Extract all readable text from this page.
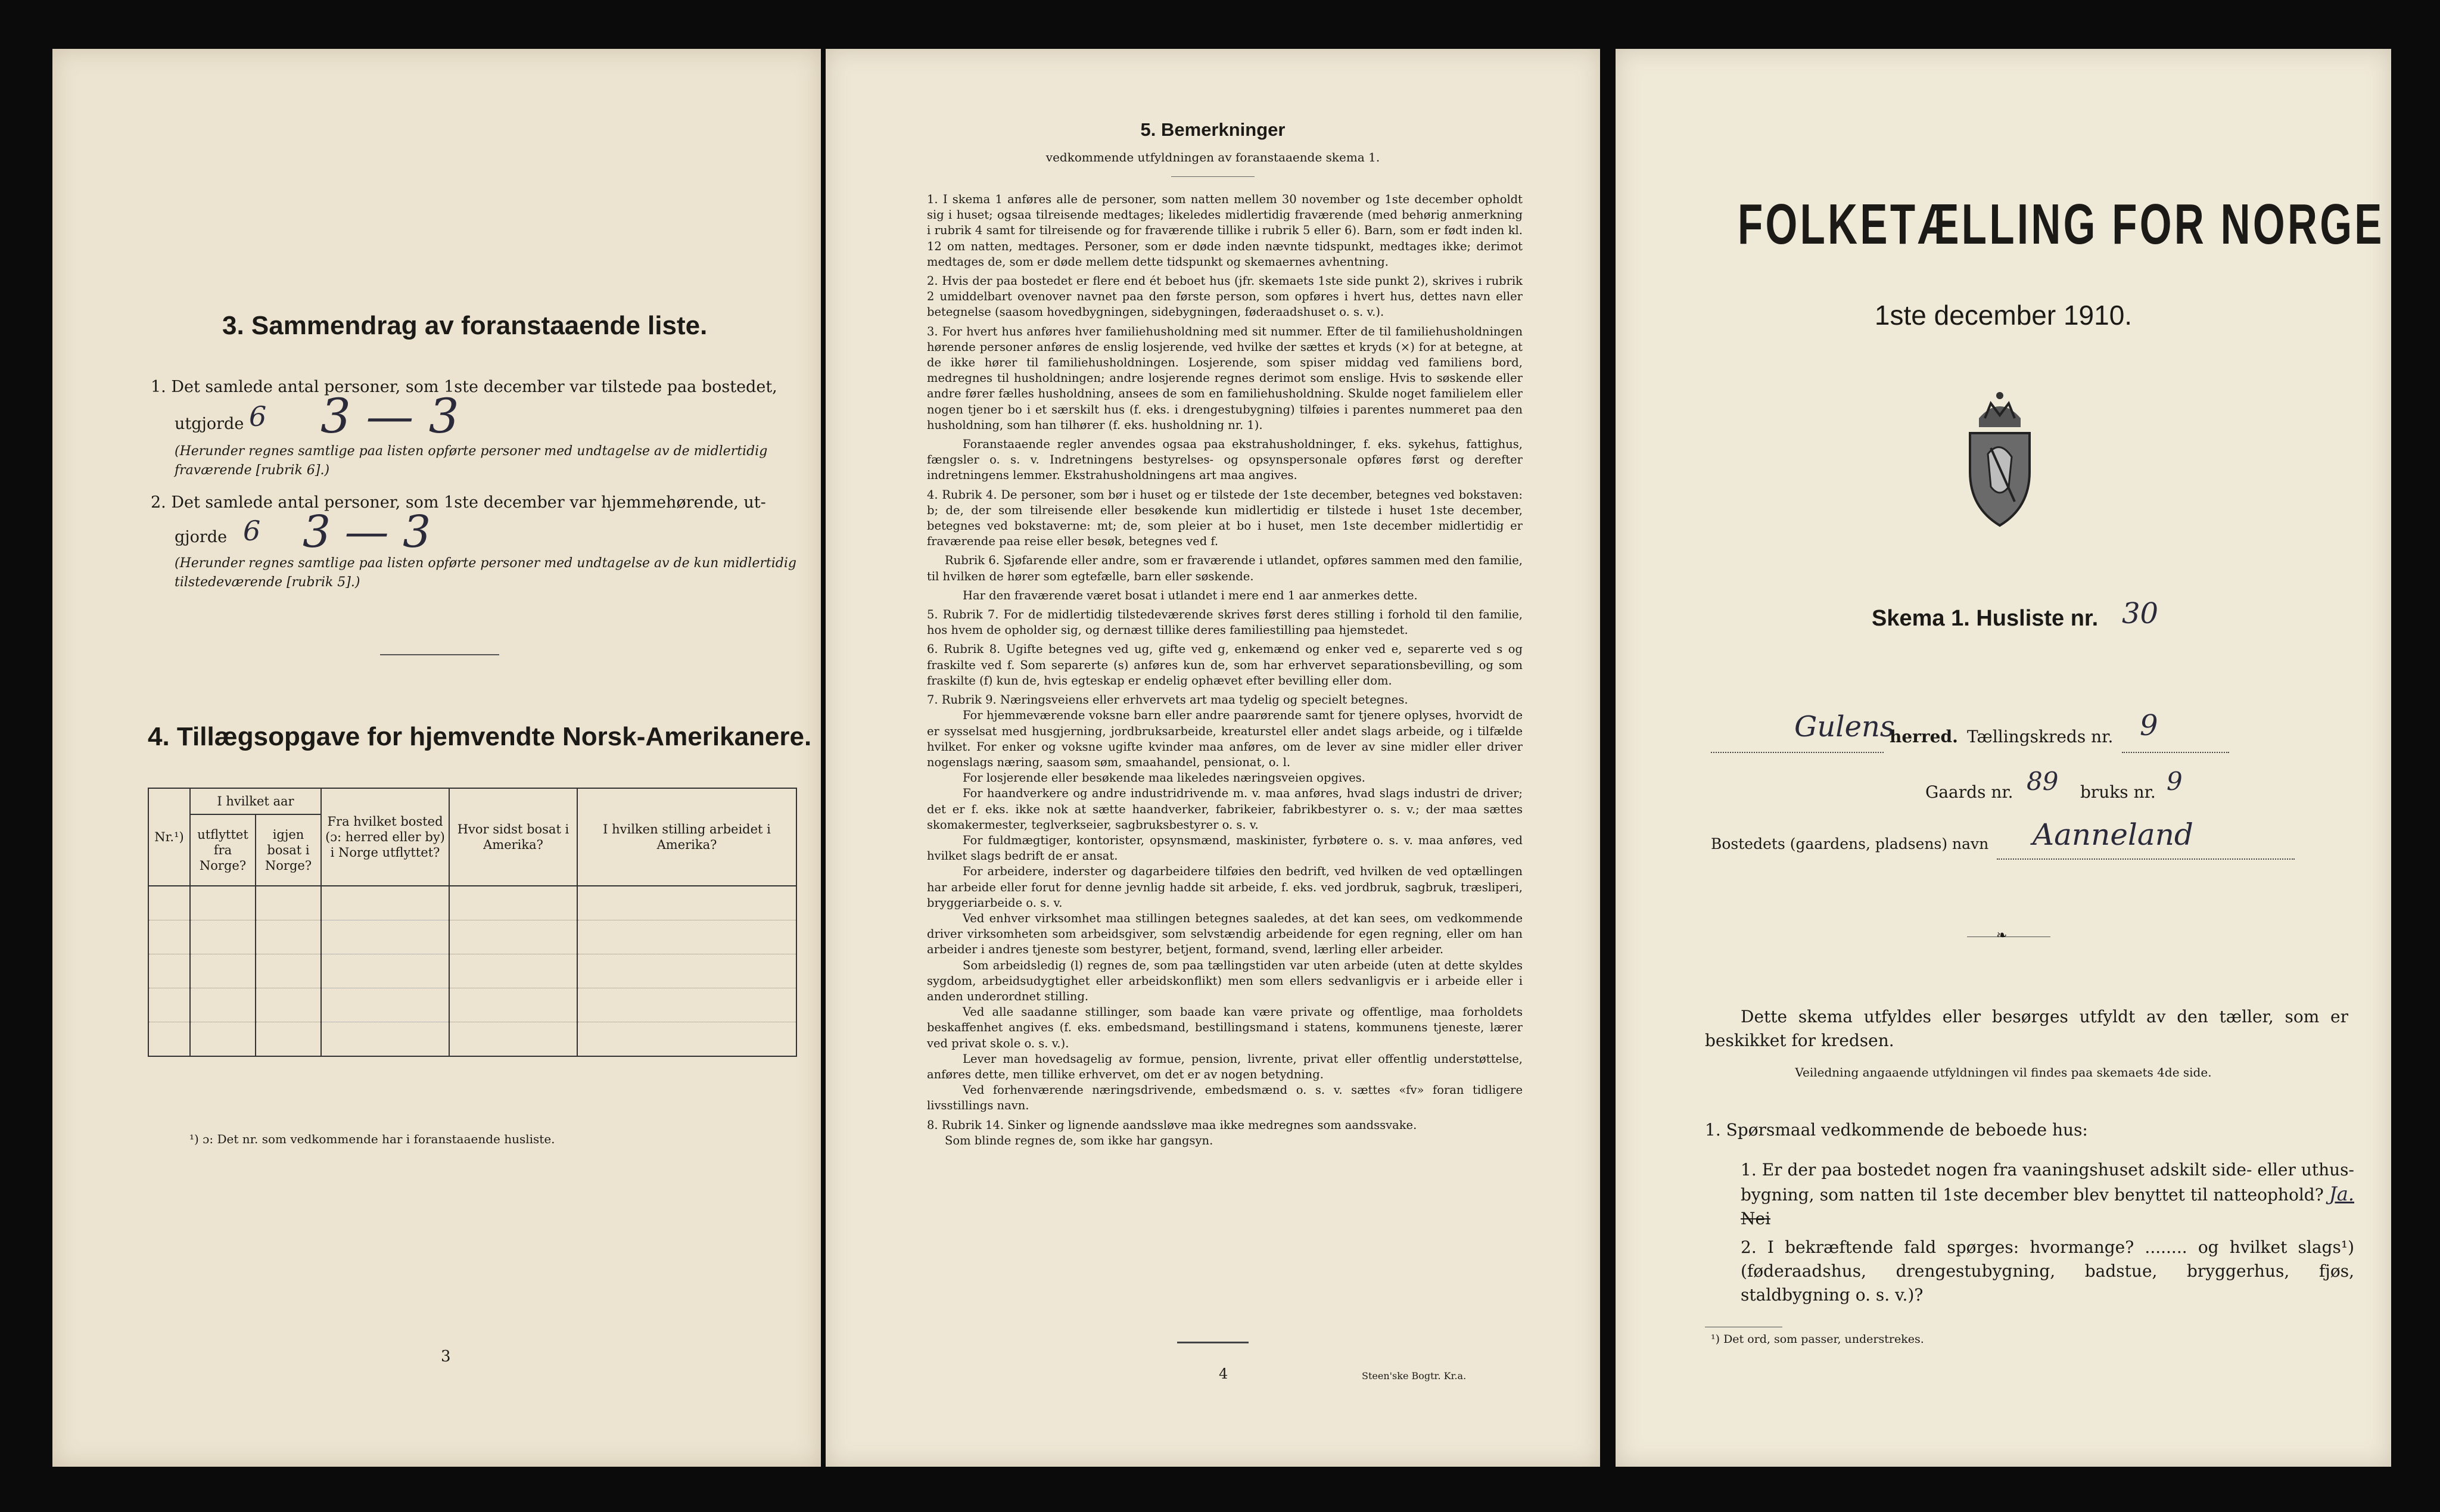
3. Sammendrag av foranstaaende liste.
1. Det samlede antal personer, som 1ste december var tilstede paa bostedet,
utgjorde 6 3 — 3
(Herunder regnes samtlige paa listen opførte personer med undtagelse av de midlertidig fraværende [rubrik 6].)
2. Det samlede antal personer, som 1ste december var hjemmehørende, ut-
gjorde 6 3 — 3
(Herunder regnes samtlige paa listen opførte personer med undtagelse av de kun midlertidig tilstedeværende [rubrik 5].)
4. Tillægsopgave for hjemvendte Norsk-Amerikanere.
Nr.¹)	I hvilket aar		Fra hvilket bosted (ɔ: herred eller by) i Norge utflyttet?	Hvor sidst bosat i Amerika?	I hvilken stilling arbeidet i Amerika?
	utflyttet fra Norge?	igjen bosat i Norge?			

¹) ɔ: Det nr. som vedkommende har i foranstaaende husliste.
3
5. Bemerkninger
vedkommende utfyldningen av foranstaaende skema 1.

1. I skema 1 anføres alle de personer, som natten mellem 30 november og 1ste december opholdt sig i huset; ogsaa tilreisende medtages; likeledes midlertidig fraværende (med behørig anmerkning i rubrik 4 samt for tilreisende og for fraværende tillike i rubrik 5 eller 6). Barn, som er født inden kl. 12 om natten, medtages. Personer, som er døde inden nævnte tidspunkt, medtages ikke; derimot medtages de, som er døde mellem dette tidspunkt og skemaernes avhentning.

2. Hvis der paa bostedet er flere end ét beboet hus (jfr. skemaets 1ste side punkt 2), skrives i rubrik 2 umiddelbart ovenover navnet paa den første person, som opføres i hvert hus, dettes navn eller betegnelse (saasom hovedbygningen, sidebygningen, føderaadshuset o. s. v.).

3. For hvert hus anføres hver familiehusholdning med sit nummer. Efter de til familiehusholdningen hørende personer anføres de enslig losjerende, ved hvilke der sættes et kryds (×) for at betegne, at de ikke hører til familiehusholdningen. Losjerende, som spiser middag ved familiens bord, medregnes til husholdningen; andre losjerende regnes derimot som enslige. Hvis to søskende eller andre fører fælles husholdning, ansees de som en familiehusholdning. Skulde noget familielem eller nogen tjener bo i et særskilt hus (f. eks. i drengestubygning) tilføies i parentes nummeret paa den husholdning, som han tilhører (f. eks. husholdning nr. 1).

Foranstaaende regler anvendes ogsaa paa ekstrahusholdninger, f. eks. sykehus, fattighus, fængsler o. s. v. Indretningens bestyrelses- og opsynspersonale opføres først og derefter indretningens lemmer. Ekstrahusholdningens art maa angives.

4. Rubrik 4. De personer, som bør i huset og er tilstede der 1ste december, betegnes ved bokstaven: b; de, der som tilreisende eller besøkende kun midlertidig er tilstede i huset 1ste december, betegnes ved bokstaverne: mt; de, som pleier at bo i huset, men 1ste december midlertidig er fraværende paa reise eller besøk, betegnes ved f.

Rubrik 6. Sjøfarende eller andre, som er fraværende i utlandet, opføres sammen med den familie, til hvilken de hører som egtefælle, barn eller søskende.

Har den fraværende været bosat i utlandet i mere end 1 aar anmerkes dette.

5. Rubrik 7. For de midlertidig tilstedeværende skrives først deres stilling i forhold til den familie, hos hvem de opholder sig, og dernæst tillike deres familiestilling paa hjemstedet.

6. Rubrik 8. Ugifte betegnes ved ug, gifte ved g, enkemænd og enker ved e, separerte ved s og fraskilte ved f. Som separerte (s) anføres kun de, som har erhvervet separationsbevilling, og som fraskilte (f) kun de, hvis egteskap er endelig ophævet efter bevilling eller dom.

7. Rubrik 9. Næringsveiens eller erhvervets art maa tydelig og specielt betegnes.

For hjemmeværende voksne barn eller andre paarørende samt for tjenere oplyses, hvorvidt de er sysselsat med husgjerning, jordbruksarbeide, kreaturstel eller andet slags arbeide, og i tilfælde hvilket. For enker og voksne ugifte kvinder maa anføres, om de lever av sine midler eller driver nogenslags næring, saasom søm, smaahandel, pensionat, o. l.

For losjerende eller besøkende maa likeledes næringsveien opgives.

For haandverkere og andre industridrivende m. v. maa anføres, hvad slags industri de driver; det er f. eks. ikke nok at sætte haandverker, fabrikeier, fabrikbestyrer o. s. v.; der maa sættes skomakermester, teglverkseier, sagbruksbestyrer o. s. v.

For fuldmægtiger, kontorister, opsynsmænd, maskinister, fyrbøtere o. s. v. maa anføres, ved hvilket slags bedrift de er ansat.

For arbeidere, inderster og dagarbeidere tilføies den bedrift, ved hvilken de ved optællingen har arbeide eller forut for denne jevnlig hadde sit arbeide, f. eks. ved jordbruk, sagbruk, træsliperi, bryggeriarbeide o. s. v.

Ved enhver virksomhet maa stillingen betegnes saaledes, at det kan sees, om vedkommende driver virksomheten som arbeidsgiver, som selvstændig arbeidende for egen regning, eller om han arbeider i andres tjeneste som bestyrer, betjent, formand, svend, lærling eller arbeider.

Som arbeidsledig (l) regnes de, som paa tællingstiden var uten arbeide (uten at dette skyldes sygdom, arbeidsudygtighet eller arbeidskonflikt) men som ellers sedvanligvis er i arbeide eller i anden underordnet stilling.

Ved alle saadanne stillinger, som baade kan være private og offentlige, maa forholdets beskaffenhet angives (f. eks. embedsmand, bestillingsmand i statens, kommunens tjeneste, lærer ved privat skole o. s. v.).

Lever man hovedsagelig av formue, pension, livrente, privat eller offentlig understøttelse, anføres dette, men tillike erhvervet, om det er av nogen betydning.

Ved forhenværende næringsdrivende, embedsmænd o. s. v. sættes «fv» foran tidligere livsstillings navn.

8. Rubrik 14. Sinker og lignende aandssløve maa ikke medregnes som aandssvake.

Som blinde regnes de, som ikke har gangsyn.

4	Steen'ske Bogtr. Kr.a.
FOLKETÆLLING FOR NORGE
1ste december 1910.
Skema 1. Husliste nr. 30
Gulens
herred. Tællingskreds nr. 9
Gaards nr. 89 bruks nr. 9
Bostedets (gaardens, pladsens) navn Aanneland
❧
Dette skema utfyldes eller besørges utfyldt av den tæller, som er beskikket for kredsen.
Veiledning angaaende utfyldningen vil findes paa skemaets 4de side.
1. Spørsmaal vedkommende de beboede hus:
1. Er der paa bostedet nogen fra vaaningshuset adskilt side- eller uthus-bygning, som natten til 1ste december blev benyttet til natteophold? Ja. Nei
2. I bekræftende fald spørges: hvormange? ........ og hvilket slags¹) (føderaadshus, drengestubygning, badstue, bryggerhus, fjøs, staldbygning o. s. v.)?
¹) Det ord, som passer, understrekes.
